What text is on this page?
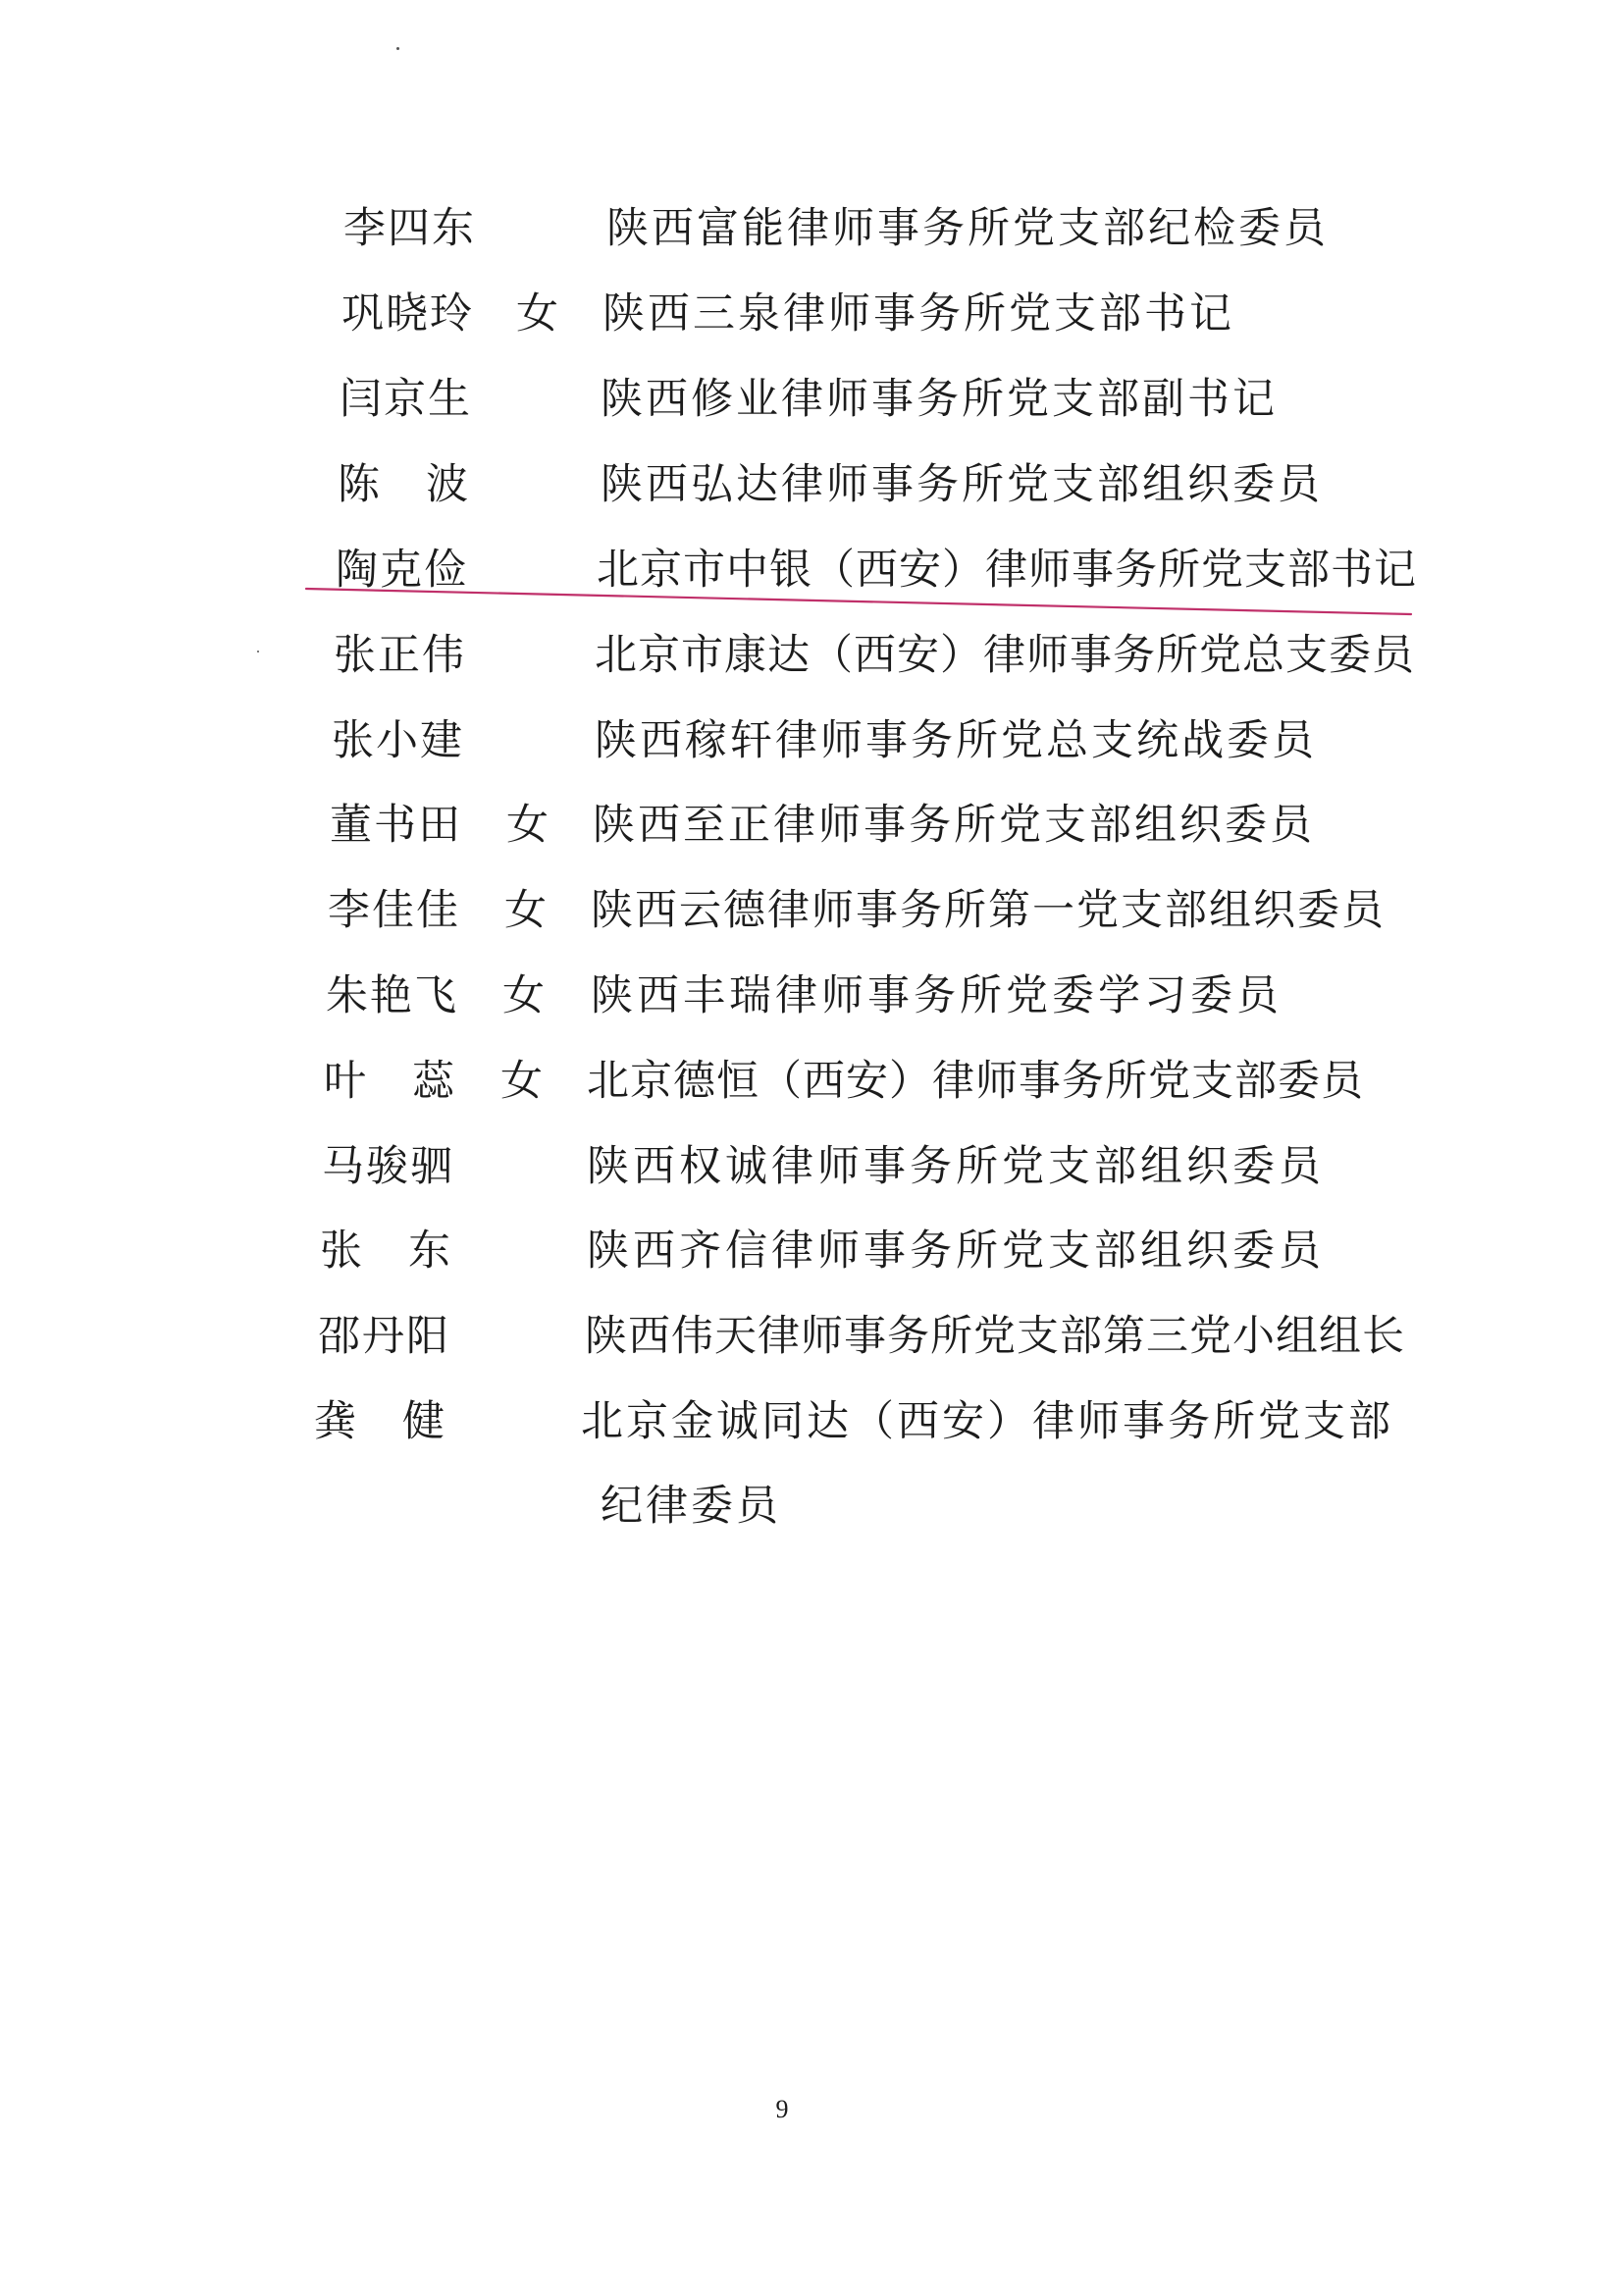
李四东	陕西富能律师事务所党支部纪检委员
巩晓玲 女 陕西三泉律师事务所党支部书记
闫京生	陕西修业律师事务所党支部副书记
陈　波	陕西弘达律师事务所党支部组织委员
陶克俭	北京市中银（西安）律师事务所党支部书记
张正伟	北京市康达（西安）律师事务所党总支委员
张小建	陕西稼轩律师事务所党总支统战委员
董书田 女 陕西至正律师事务所党支部组织委员
李佳佳 女 陕西云德律师事务所第一党支部组织委员
朱艳飞 女 陕西丰瑞律师事务所党委学习委员
叶　蕊 女 北京德恒（西安）律师事务所党支部委员
马骏驷	陕西权诚律师事务所党支部组织委员
张　东	陕西齐信律师事务所党支部组织委员
邵丹阳	陕西伟天律师事务所党支部第三党小组组长
龚　健	北京金诚同达（西安）律师事务所党支部
纪律委员
9
